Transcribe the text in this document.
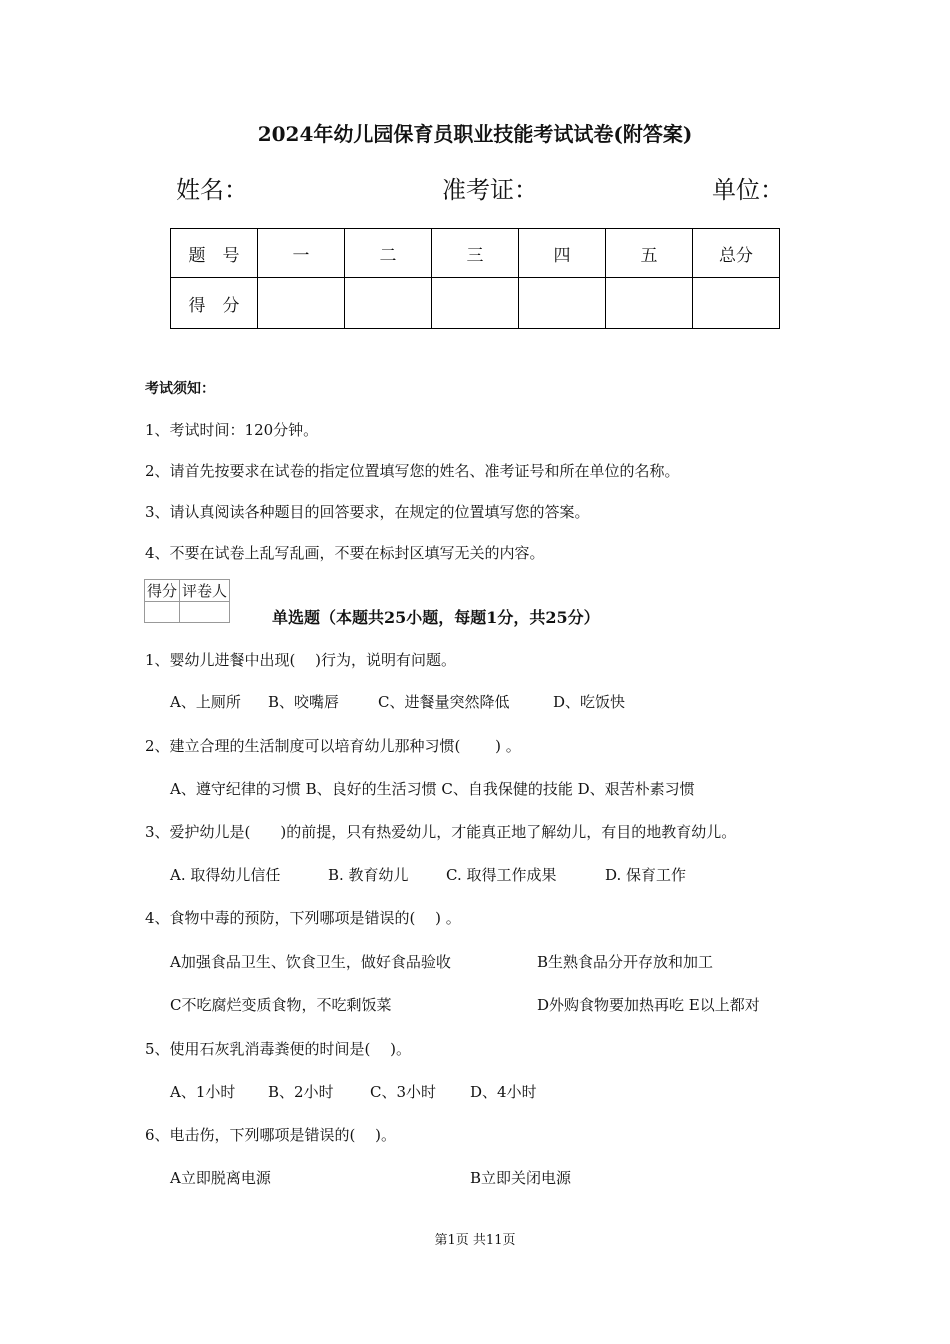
2024年幼儿园保育员职业技能考试试卷(附答案)
姓名：	准考证：	单位：
题　号	一	二	三	四	五	总分
得　分						
考试须知：
1、考试时间：120分钟。
2、请首先按要求在试卷的指定位置填写您的姓名、准考证号和所在单位的名称。
3、请认真阅读各种题目的回答要求，在规定的位置填写您的答案。
4、不要在试卷上乱写乱画，不要在标封区填写无关的内容。
得分	评卷人

单选题（本题共25小题，每题1分，共25分）
1、婴幼儿进餐中出现(　 )行为，说明有问题。
A、上厕所 B、咬嘴唇	C、进餐量突然降低	D、吃饭快
2、建立合理的生活制度可以培育幼儿那种习惯(　　 ) 。
A、遵守纪律的习惯 B、良好的生活习惯 C、自我保健的技能 D、艰苦朴素习惯
3、爱护幼儿是(　　)的前提，只有热爱幼儿，才能真正地了解幼儿，有目的地教育幼儿。
A. 取得幼儿信任	B. 教育幼儿 C. 取得工作成果	D. 保育工作
4、食物中毒的预防，下列哪项是错误的(　 ) 。
A加强食品卫生、饮食卫生，做好食品验收	B生熟食品分开存放和加工
C不吃腐烂变质食物，不吃剩饭菜	D外购食物要加热再吃 E以上都对
5、使用石灰乳消毒粪便的时间是(　 )。
A、1小时 B、2小时 C、3小时 D、4小时
6、电击伤，下列哪项是错误的(　 )。
A立即脱离电源	B立即关闭电源
第1页 共11页
